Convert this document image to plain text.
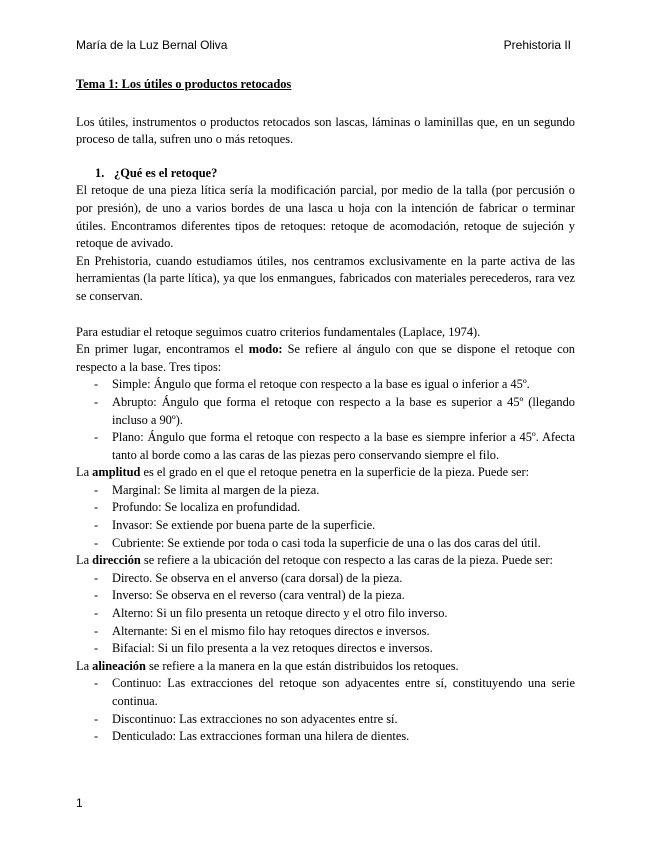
María de la Luz Bernal Oliva	Prehistoria II

Tema 1: Los útiles o productos retocados

Los útiles, instrumentos o productos retocados son lascas, láminas o laminillas que, en un segundo proceso de talla, sufren uno o más retoques.

1. ¿Qué es el retoque?

El retoque de una pieza lítica sería la modificación parcial, por medio de la talla (por percusión o por presión), de uno a varios bordes de una lasca u hoja con la intención de fabricar o terminar útiles. Encontramos diferentes tipos de retoques: retoque de acomodación, retoque de sujeción y retoque de avivado.

En Prehistoria, cuando estudiamos útiles, nos centramos exclusivamente en la parte activa de las herramientas (la parte lítica), ya que los enmangues, fabricados con materiales perecederos, rara vez se conservan.

Para estudiar el retoque seguimos cuatro criterios fundamentales (Laplace, 1974).

En primer lugar, encontramos el modo: Se refiere al ángulo con que se dispone el retoque con respecto a la base. Tres tipos:

- Simple: Ángulo que forma el retoque con respecto a la base es igual o inferior a 45º.
- Abrupto: Ángulo que forma el retoque con respecto a la base es superior a 45º (llegando incluso a 90º).
- Plano: Ángulo que forma el retoque con respecto a la base es siempre inferior a 45º. Afecta tanto al borde como a las caras de las piezas pero conservando siempre el filo.

La amplitud es el grado en el que el retoque penetra en la superficie de la pieza. Puede ser:

- Marginal: Se limita al margen de la pieza.
- Profundo: Se localiza en profundidad.
- Invasor: Se extiende por buena parte de la superficie.
- Cubriente: Se extiende por toda o casi toda la superficie de una o las dos caras del útil.

La dirección se refiere a la ubicación del retoque con respecto a las caras de la pieza. Puede ser:

- Directo. Se observa en el anverso (cara dorsal) de la pieza.
- Inverso: Se observa en el reverso (cara ventral) de la pieza.
- Alterno: Si un filo presenta un retoque directo y el otro filo inverso.
- Alternante: Si en el mismo filo hay retoques directos e inversos.
- Bifacial: Si un filo presenta a la vez retoques directos e inversos.

La alineación se refiere a la manera en la que están distribuidos los retoques.

- Continuo: Las extracciones del retoque son adyacentes entre sí, constituyendo una serie continua.
- Discontinuo: Las extracciones no son adyacentes entre sí.
- Denticulado: Las extracciones forman una hilera de dientes.
1
